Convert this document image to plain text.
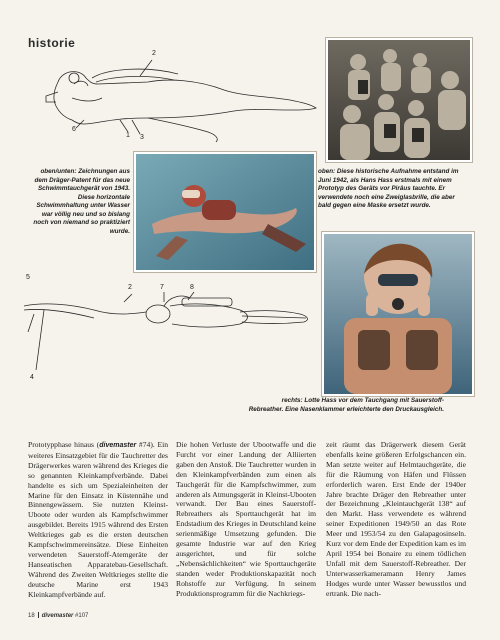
historie
2
6
1 3
oben/unten: Zeichnungen aus dem Dräger-Patent für das neue Schwimmtauchgerät von 1943. Diese horizontale Schwimmhaltung unter Wasser war völlig neu und so bislang noch von niemand so praktiziert wurde.
oben: Diese historische Aufnahme entstand im Juni 1942, als Hans Hass erstmals mit einem Prototyp des Geräts vor Pirâus tauchte. Er verwendete noch eine Zweiglasbrille, die aber bald gegen eine Maske ersetzt wurde.
5
2	7	8
4
rechts: Lotte Hass vor dem Tauchgang mit Sauerstoff-Rebreather. Eine Nasenklammer erleichterte den Druckausgleich.

Prototypphase hinaus (divemaster #74). Ein weiteres Einsatzgebiet für die Tauchretter des Drägerwerkes waren während des Krieges die so genannten Kleinkampfverbände. Dabei handelte es sich um Spezialeinheiten der Marine für den Einsatz in Küstennähe und Binnengewässern. Sie nutzten Kleinst-Uboote oder wurden als Kampfschwimmer ausgebildet. Bereits 1915 während des Ersten Weltkrieges gab es die ersten deutschen Kampfschwimmereinsätze. Diese Einheiten verwendeten Sauerstoff-Atemgeräte der Hanseatischen Apparatebau-Gesellschaft. Während des Zweiten Weltkrieges stellte die deutsche Marine erst 1943 Kleinkampfverbände auf.

Die hohen Verluste der Ubootwaffe und die Furcht vor einer Landung der Alliierten gaben den Anstoß. Die Tauchretter wurden in den Kleinkampfverbänden zum einen als Tauchgerät für die Kampfschwimmer, zum anderen als Atmungsgerät in Kleinst-Ubooten verwandt. Der Bau eines Sauerstoff-Rebreathers als Sporttauchgerät hat im Endstadium des Krieges in Deutschland keine serienmäßige Umsetzung gefunden. Die gesamte Industrie war auf den Krieg ausgerichtet, und für solche „Nebensächlichkeiten“ wie Sporttauchgeräte standen weder Produktionskapazität noch Rohstoffe zur Verfügung. In seinem Produktionsprogramm für die Nachkriegs-

zeit räumt das Drägerwerk diesem Gerät ebenfalls keine größeren Erfolgschancen ein. Man setzte weiter auf Helmtauchgeräte, die für die Räumung von Häfen und Flüssen erforderlich waren. Erst Ende der 1940er Jahre brachte Dräger den Rebreather unter der Bezeichnung „Kleintauchgerät 138“ auf den Markt. Hass verwendete es während seiner Expeditionen 1949/50 an das Rote Meer und 1953/54 zu den Galapagosinseln. Kurz vor dem Ende der Expedition kam es im April 1954 bei Bonaire zu einem tödlichen Unfall mit dem Sauerstoff-Rebreather. Der Unterwasserkameramann Henry James Hodges wurde unter Wasser bewusstlos und ertrank. Die nach-

18 divemaster #107
